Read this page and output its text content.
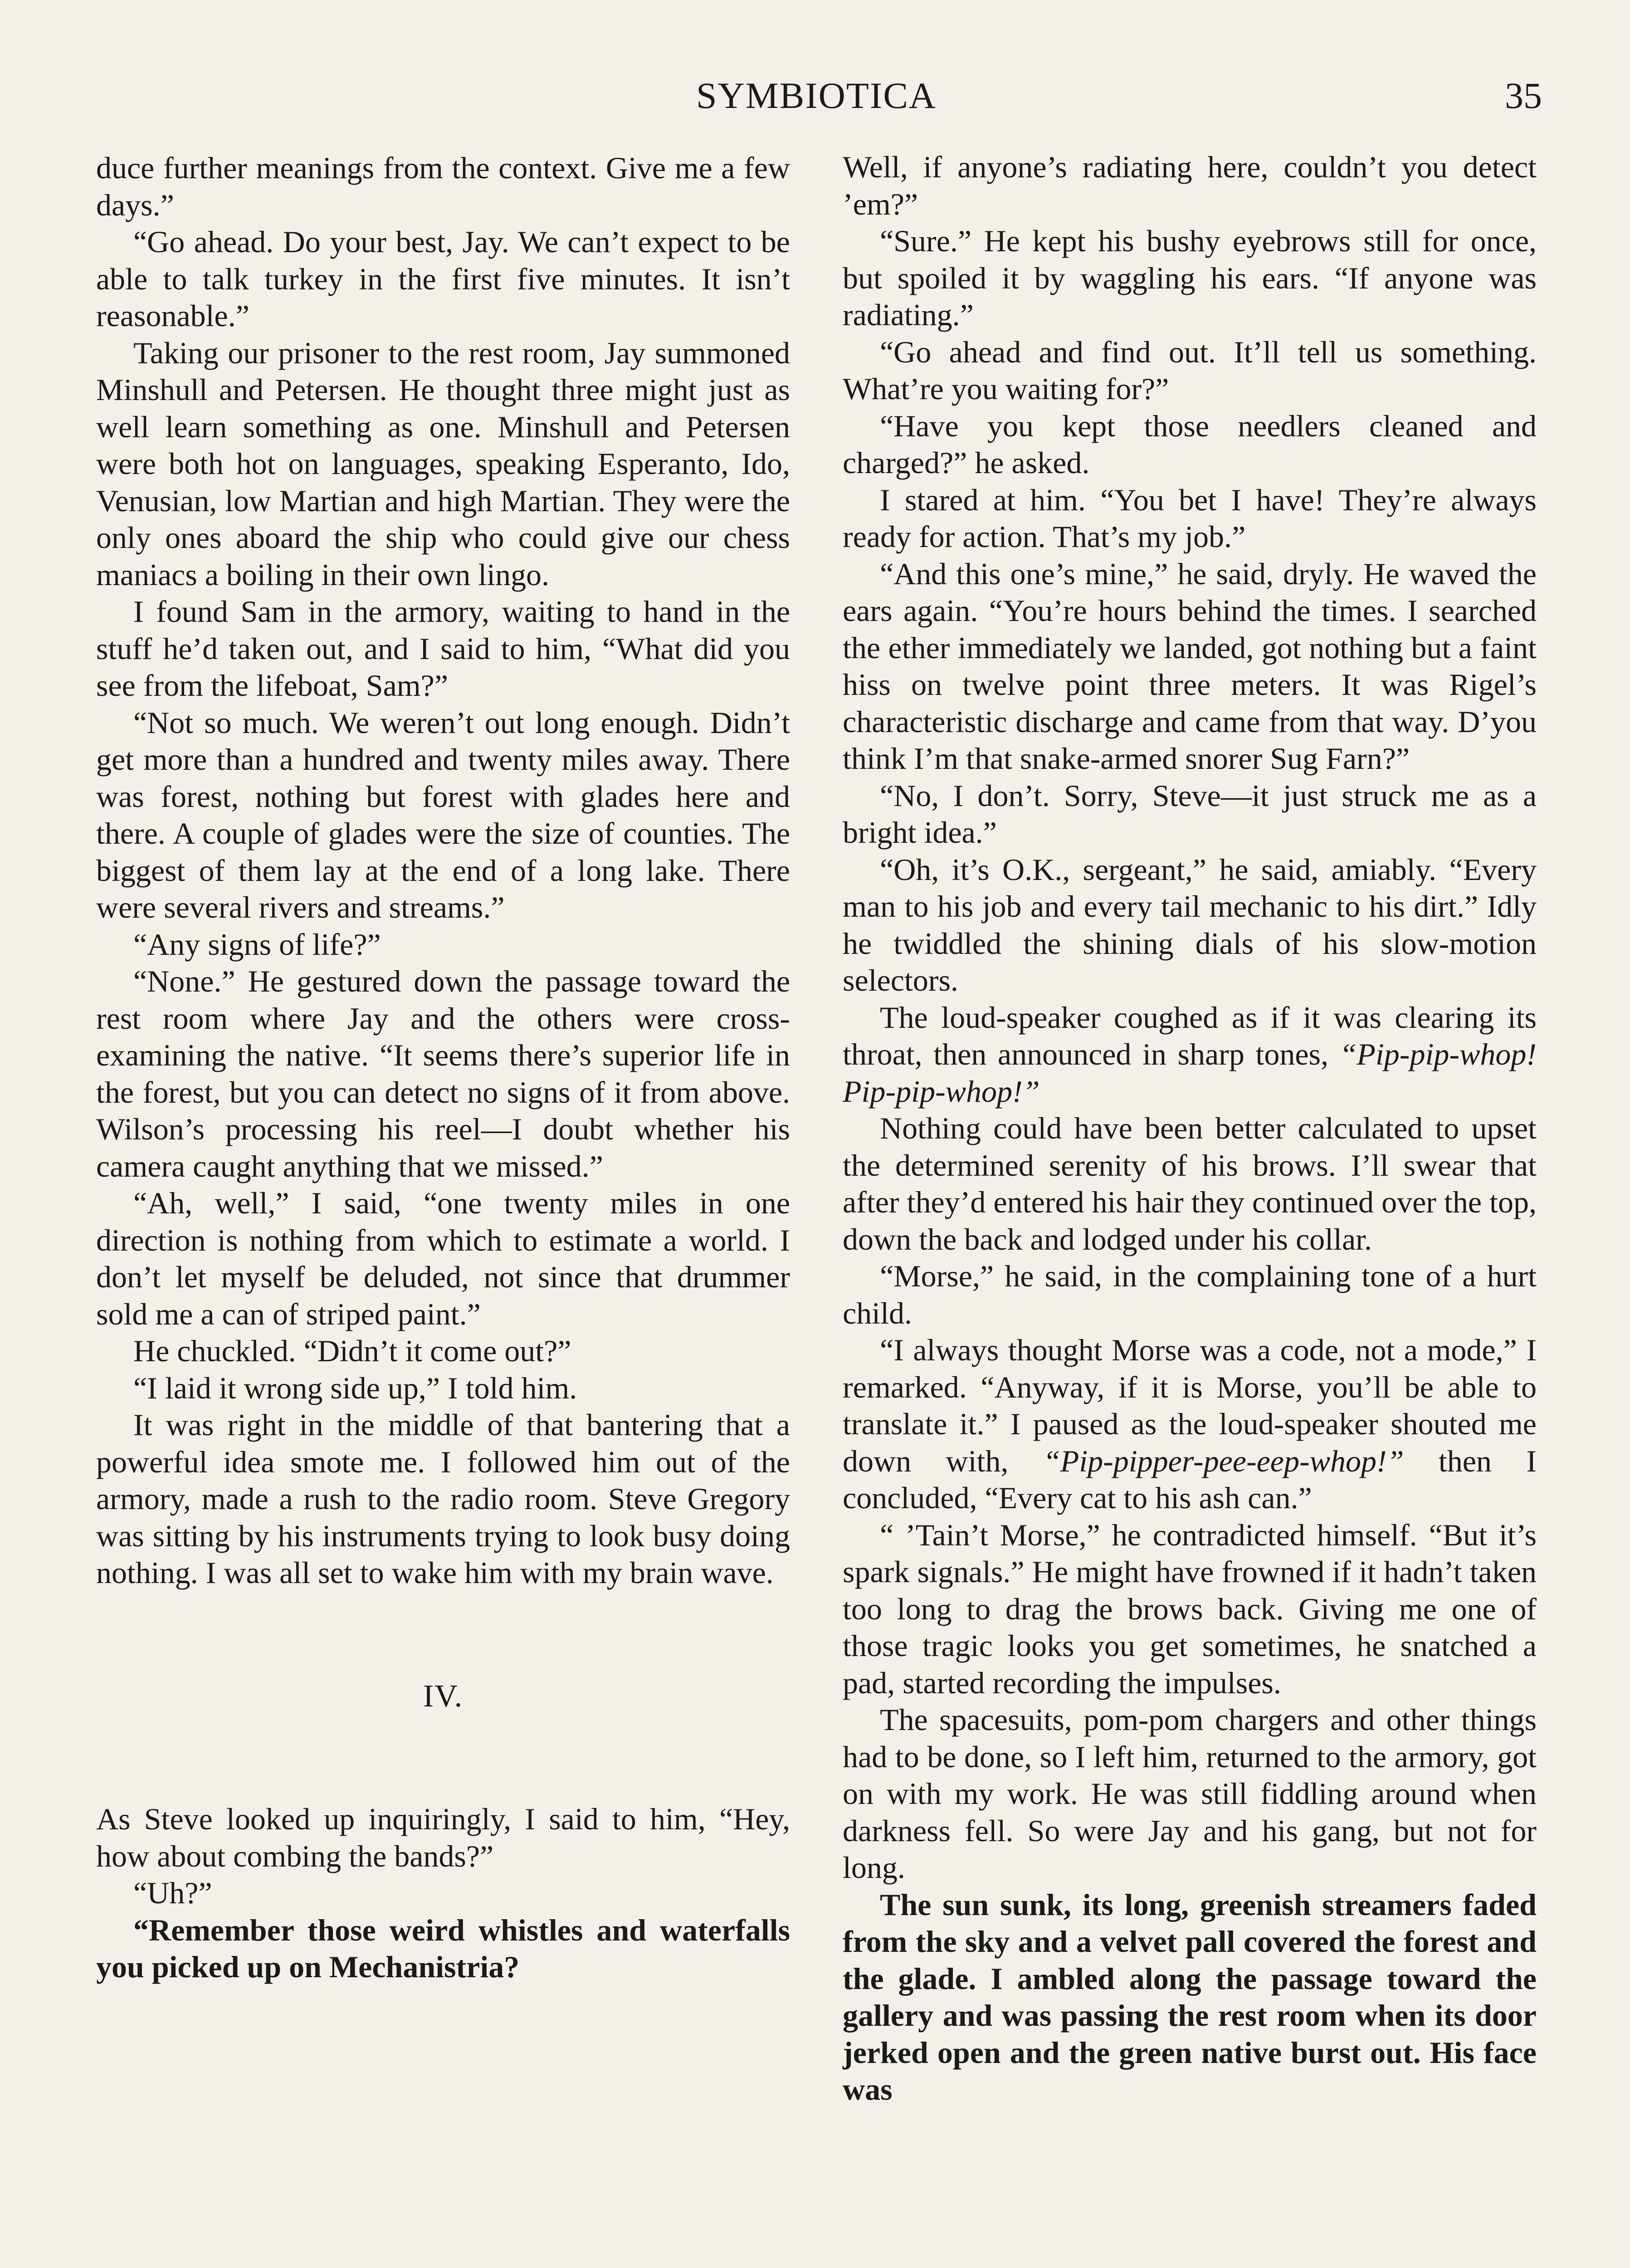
SYMBIOTICA	35

duce further meanings from the context. Give me a few days.”

“Go ahead. Do your best, Jay. We can’t expect to be able to talk turkey in the first five minutes. It isn’t reasonable.”

Taking our prisoner to the rest room, Jay summoned Minshull and Petersen. He thought three might just as well learn something as one. Minshull and Petersen were both hot on languages, speaking Esperanto, Ido, Venusian, low Martian and high Martian. They were the only ones aboard the ship who could give our chess maniacs a boiling in their own lingo.

I found Sam in the armory, waiting to hand in the stuff he’d taken out, and I said to him, “What did you see from the lifeboat, Sam?”

“Not so much. We weren’t out long enough. Didn’t get more than a hundred and twenty miles away. There was forest, nothing but forest with glades here and there. A couple of glades were the size of counties. The biggest of them lay at the end of a long lake. There were several rivers and streams.”

“Any signs of life?”

“None.” He gestured down the passage toward the rest room where Jay and the others were cross-examining the native. “It seems there’s superior life in the forest, but you can detect no signs of it from above. Wilson’s processing his reel—I doubt whether his camera caught anything that we missed.”

“Ah, well,” I said, “one twenty miles in one direction is nothing from which to estimate a world. I don’t let myself be deluded, not since that drummer sold me a can of striped paint.”

He chuckled. “Didn’t it come out?”

“I laid it wrong side up,” I told him.

It was right in the middle of that bantering that a powerful idea smote me. I followed him out of the armory, made a rush to the radio room. Steve Gregory was sitting by his instruments trying to look busy doing nothing. I was all set to wake him with my brain wave.

IV.

As Steve looked up inquiringly, I said to him, “Hey, how about combing the bands?”

“Uh?”

“Remember those weird whistles and waterfalls you picked up on Mechanistria?

Well, if anyone’s radiating here, couldn’t you detect ’em?”

“Sure.” He kept his bushy eyebrows still for once, but spoiled it by waggling his ears. “If anyone was radiating.”

“Go ahead and find out. It’ll tell us something. What’re you waiting for?”

“Have you kept those needlers cleaned and charged?” he asked.

I stared at him. “You bet I have! They’re always ready for action. That’s my job.”

“And this one’s mine,” he said, dryly. He waved the ears again. “You’re hours behind the times. I searched the ether immediately we landed, got nothing but a faint hiss on twelve point three meters. It was Rigel’s characteristic discharge and came from that way. D’you think I’m that snake-armed snorer Sug Farn?”

“No, I don’t. Sorry, Steve—it just struck me as a bright idea.”

“Oh, it’s O.K., sergeant,” he said, amiably. “Every man to his job and every tail mechanic to his dirt.” Idly he twiddled the shining dials of his slow-motion selectors.

The loud-speaker coughed as if it was clearing its throat, then announced in sharp tones, “Pip-pip-whop! Pip-pip-whop!”

Nothing could have been better calculated to upset the determined serenity of his brows. I’ll swear that after they’d entered his hair they continued over the top, down the back and lodged under his collar.

“Morse,” he said, in the complaining tone of a hurt child.

“I always thought Morse was a code, not a mode,” I remarked. “Anyway, if it is Morse, you’ll be able to translate it.” I paused as the loud-speaker shouted me down with, “Pip-pipper-pee-eep-whop!” then I concluded, “Every cat to his ash can.”

“ ’Tain’t Morse,” he contradicted himself. “But it’s spark signals.” He might have frowned if it hadn’t taken too long to drag the brows back. Giving me one of those tragic looks you get sometimes, he snatched a pad, started recording the impulses.

The spacesuits, pom-pom chargers and other things had to be done, so I left him, returned to the armory, got on with my work. He was still fiddling around when darkness fell. So were Jay and his gang, but not for long.

The sun sunk, its long, greenish streamers faded from the sky and a velvet pall covered the forest and the glade. I ambled along the passage toward the gallery and was passing the rest room when its door jerked open and the green native burst out. His face was
